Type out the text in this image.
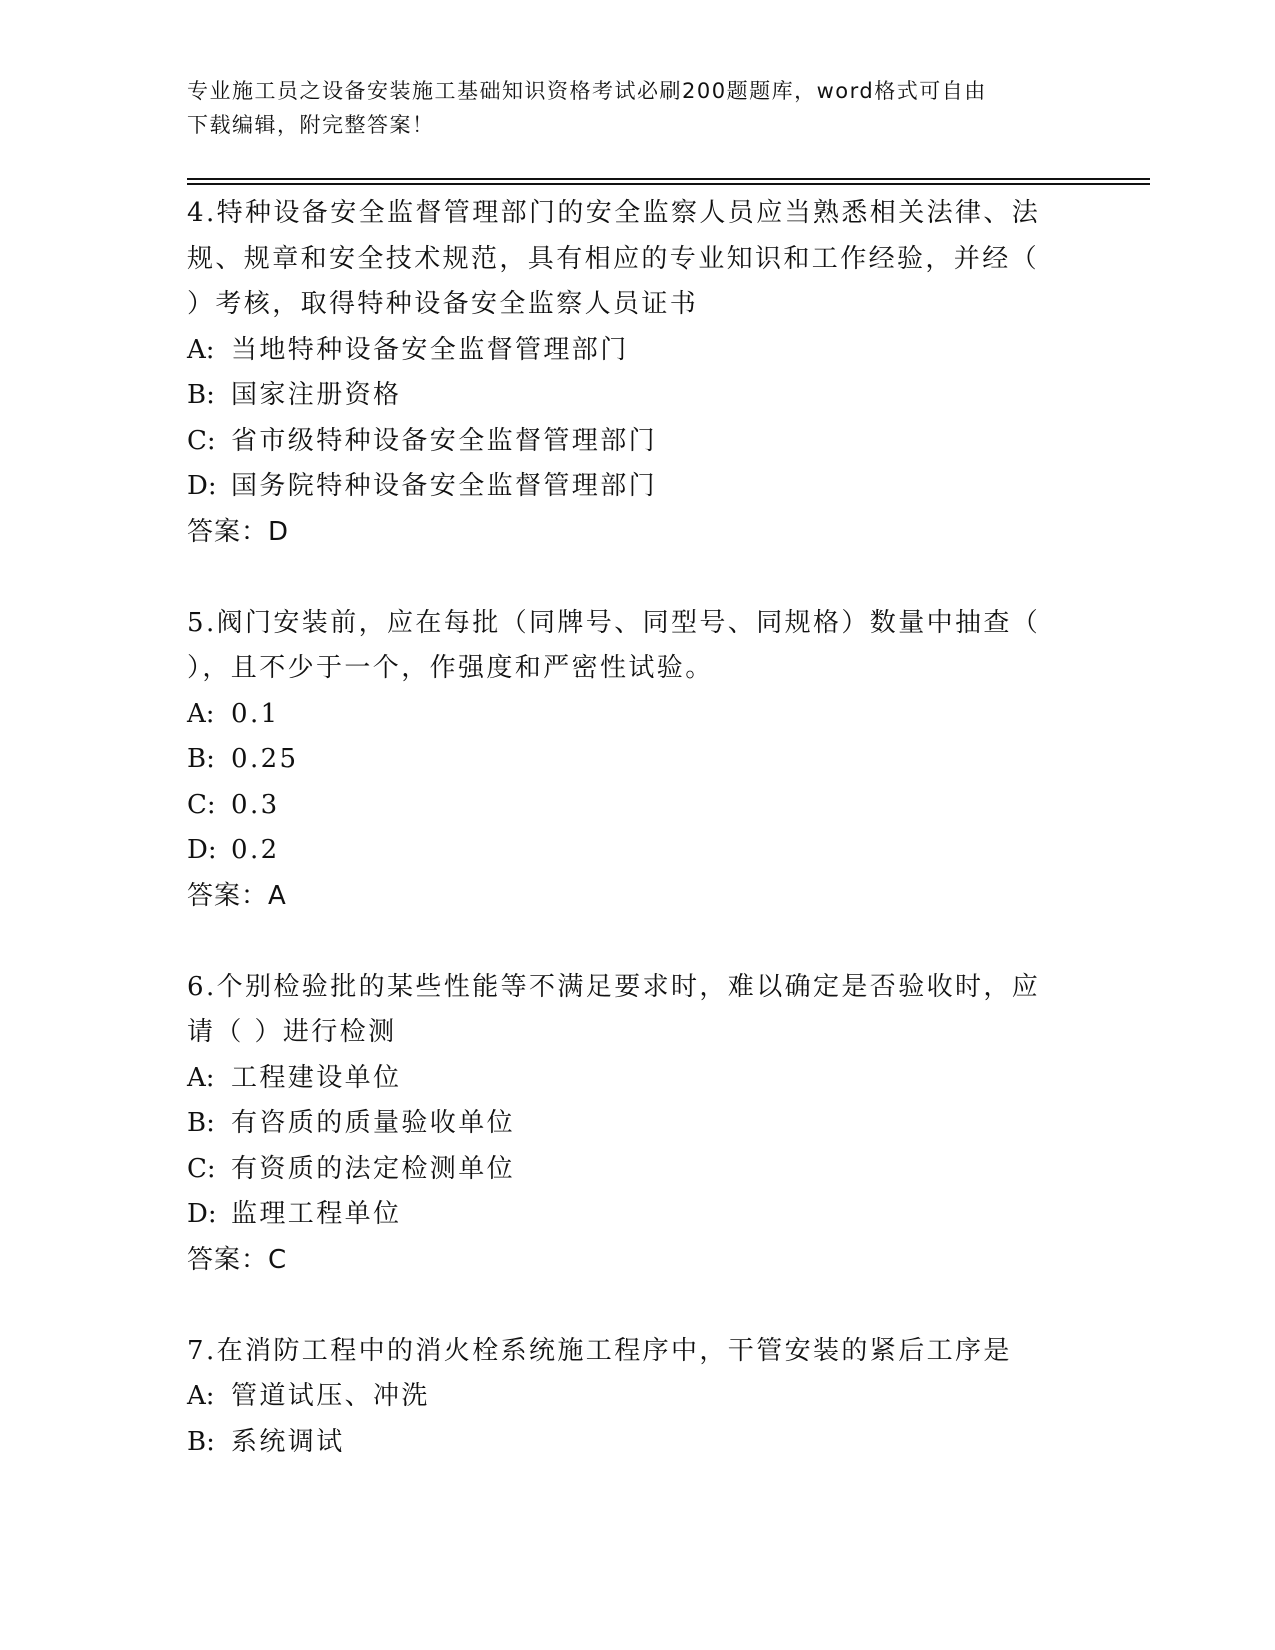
专业施工员之设备安装施工基础知识资格考试必刷200题题库，word格式可自由
下载编辑，附完整答案！
4.特种设备安全监督管理部门的安全监察人员应当熟悉相关法律、法
规、规章和安全技术规范，具有相应的专业知识和工作经验，并经（
）考核，取得特种设备安全监察人员证书
A: 当地特种设备安全监督管理部门
B: 国家注册资格
C: 省市级特种设备安全监督管理部门
D: 国务院特种设备安全监督管理部门
答案：D
5.阀门安装前，应在每批（同牌号、同型号、同规格）数量中抽查（
），且不少于一个，作强度和严密性试验。
A: 0.1
B: 0.25
C: 0.3
D: 0.2
答案：A
6.个别检验批的某些性能等不满足要求时，难以确定是否验收时，应
请（ ）进行检测
A: 工程建设单位
B: 有咨质的质量验收单位
C: 有资质的法定检测单位
D: 监理工程单位
答案：C
7.在消防工程中的消火栓系统施工程序中，干管安装的紧后工序是
A: 管道试压、冲洗
B: 系统调试
